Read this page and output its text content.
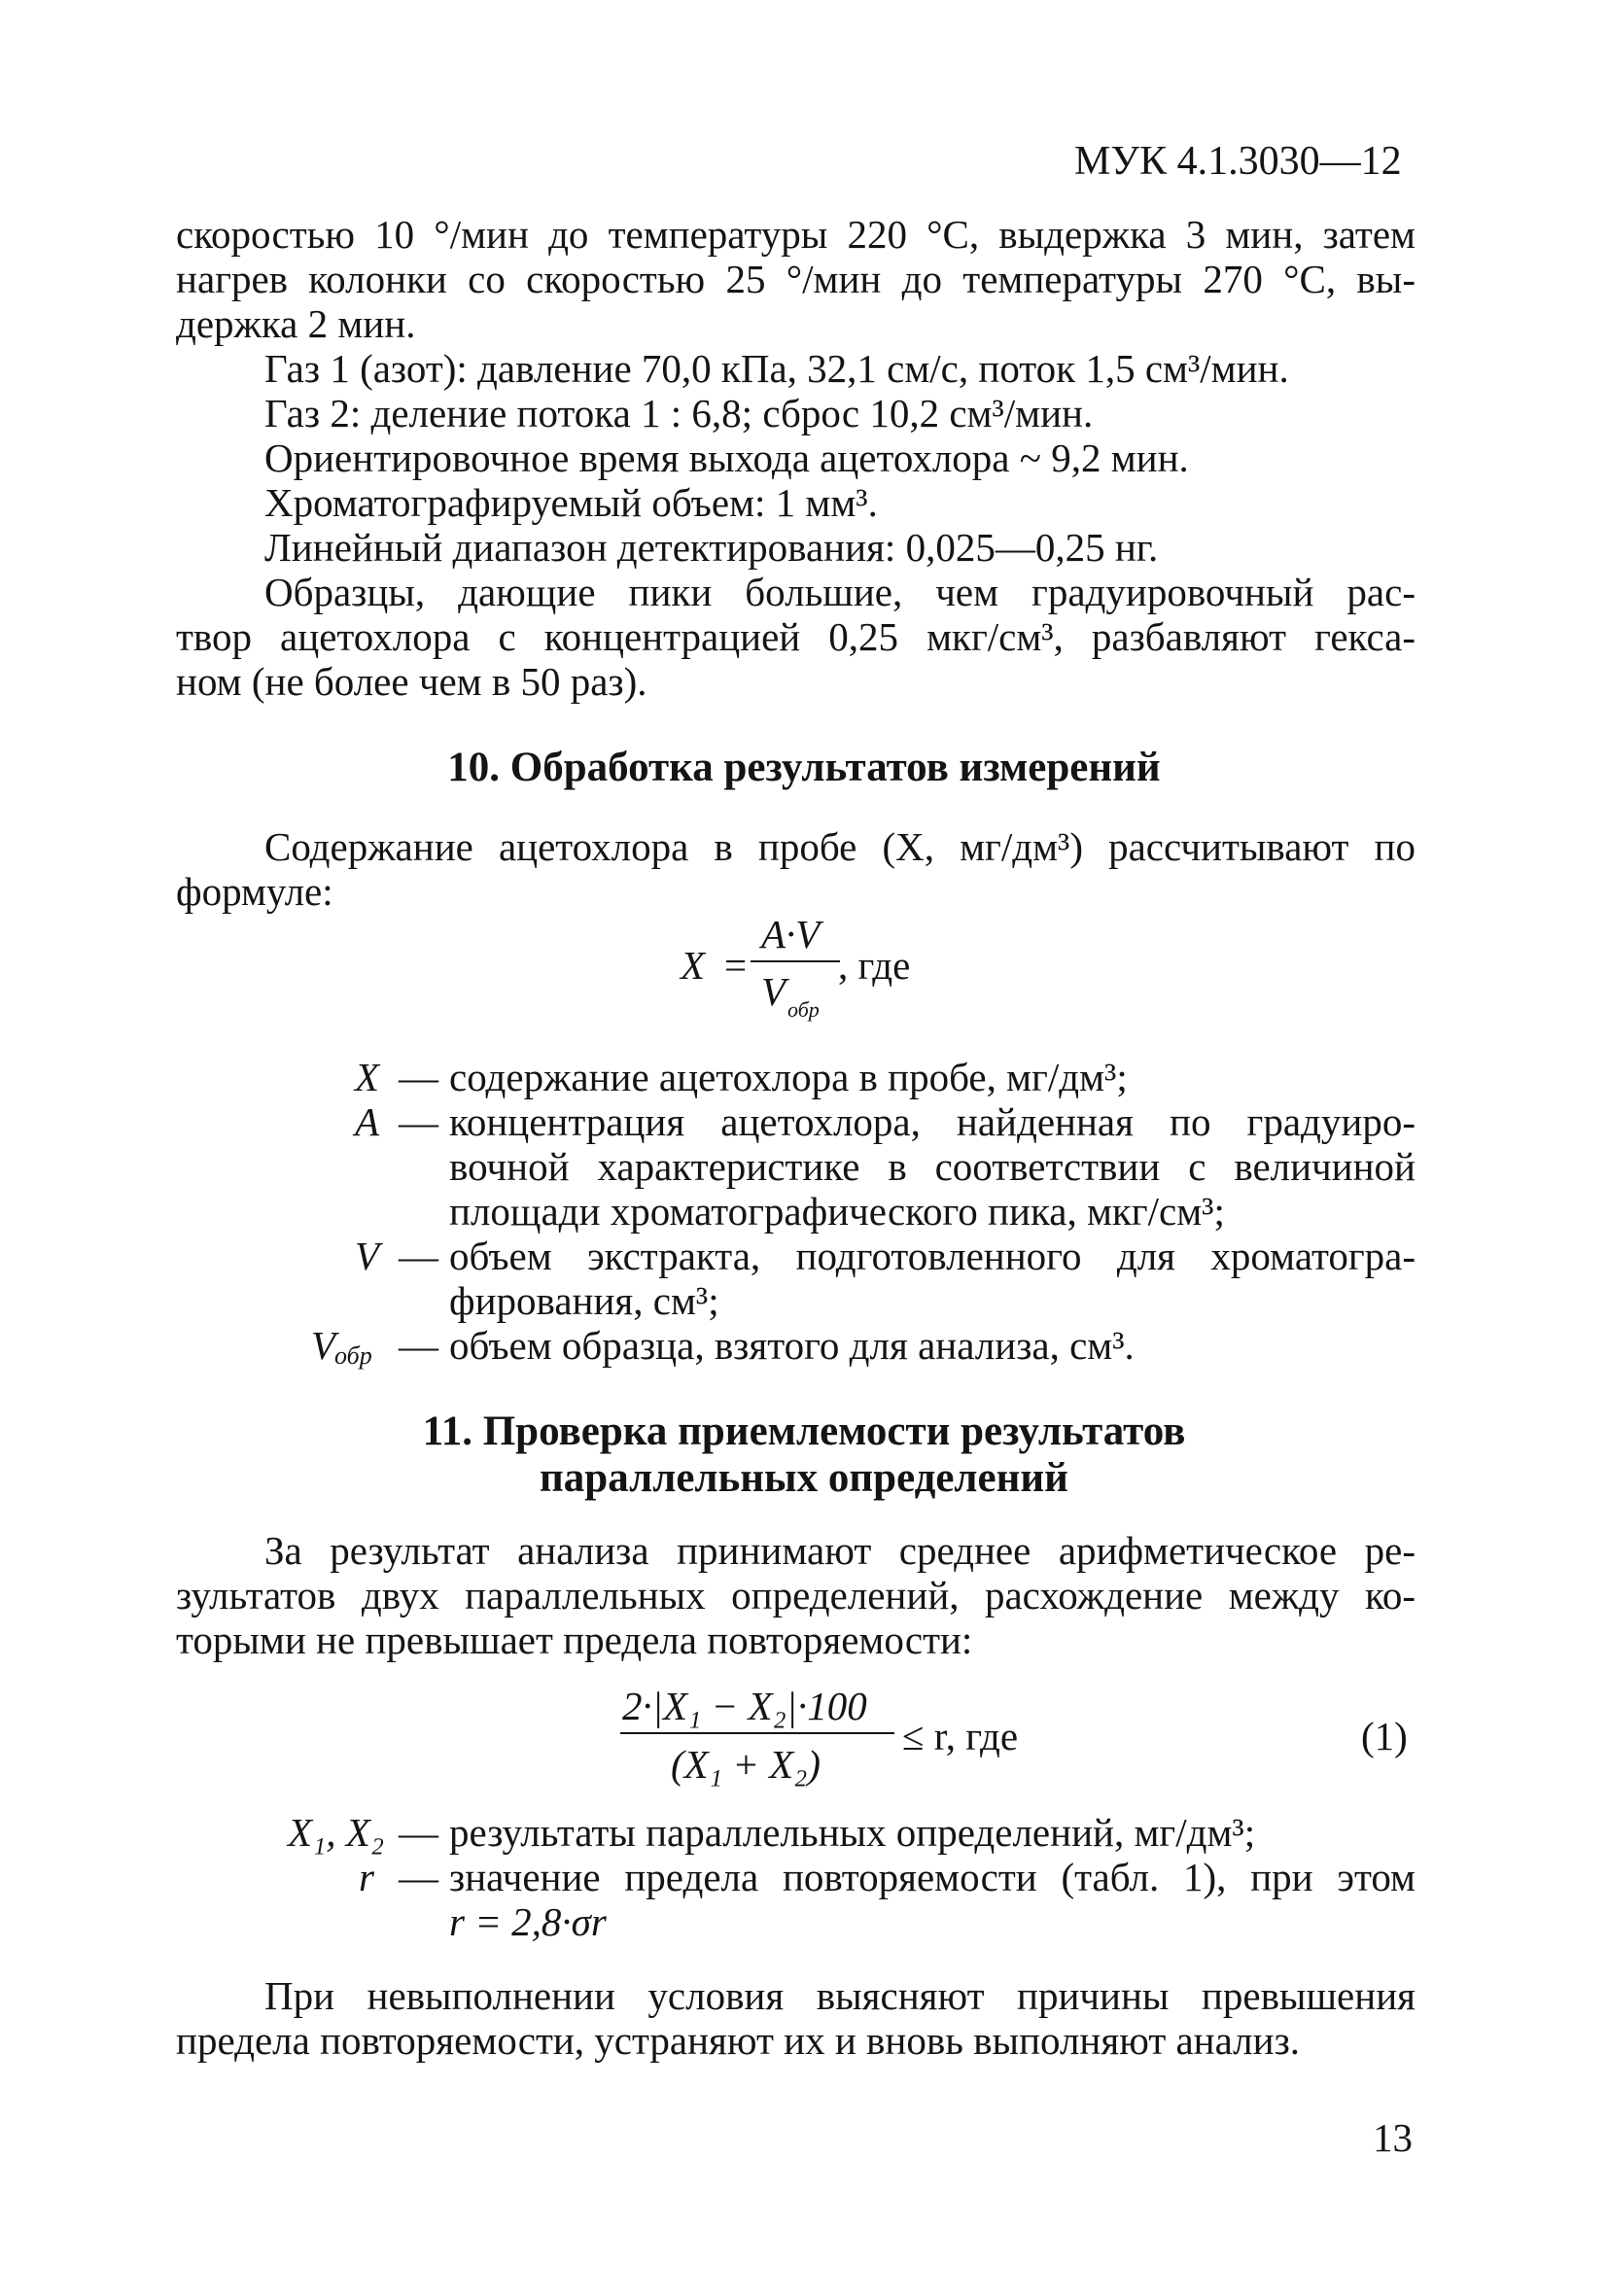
МУК 4.1.3030—12
скоростью 10 °/мин до температуры 220 °С, выдержка 3 мин, затем
нагрев колонки со скоростью 25 °/мин до температуры 270 °С, вы-
держка 2 мин.
Газ 1 (азот): давление 70,0 кПа, 32,1 см/с, поток 1,5 см³/мин.
Газ 2: деление потока 1 : 6,8; сброс 10,2 см³/мин.
Ориентировочное время выхода ацетохлора ~ 9,2 мин.
Хроматографируемый объем: 1 мм³.
Линейный диапазон детектирования: 0,025—0,25 нг.
Образцы, дающие пики большие, чем градуировочный рас-
твор ацетохлора с концентрацией 0,25 мкг/см³, разбавляют гекса-
ном (не более чем в 50 раз).
10. Обработка результатов измерений
Содержание ацетохлора в пробе (X, мг/дм³) рассчитывают по
формуле:
X =
A·V
V обр
, где
X — содержание ацетохлора в пробе, мг/дм³;
A — концентрация ацетохлора, найденная по градуиро-
вочной характеристике в соответствии с величиной
площади хроматографического пика, мкг/см³;
V — объем экстракта, подготовленного для хроматогра-
фирования, см³;
V
обр — объем образца, взятого для анализа, см³.
11. Проверка приемлемости результатов
параллельных определений
За результат анализа принимают среднее арифметическое ре-
зультатов двух параллельных определений, расхождение между ко-
торыми не превышает предела повторяемости:
2·|X₁ − X₂|·100
(X₁ + X₂)
≤ r, где	(1)
X₁, X₂ — результаты параллельных определений, мг/дм³;
r — значение предела повторяемости (табл. 1), при этом
r = 2,8·σr
При невыполнении условия выясняют причины превышения
предела повторяемости, устраняют их и вновь выполняют анализ.
13
